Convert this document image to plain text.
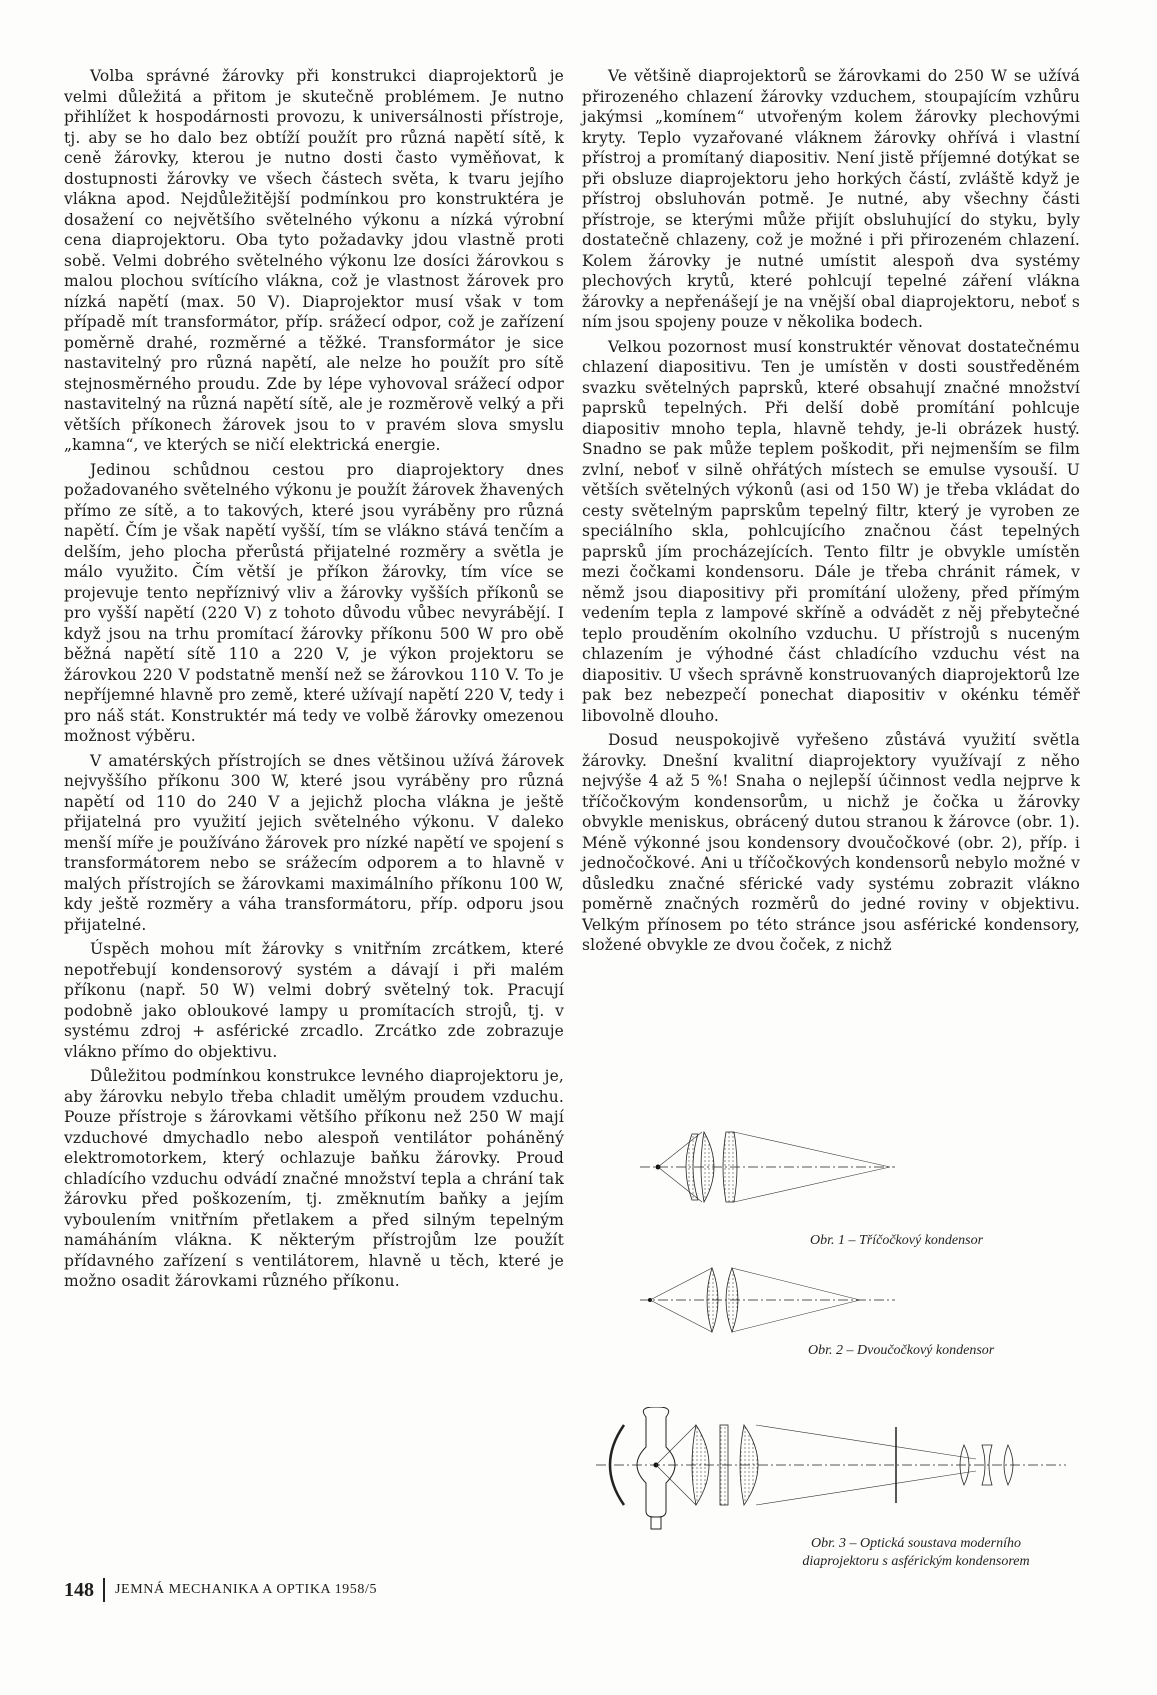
Volba správné žárovky při konstrukci diaprojektorů je velmi důležitá a přitom je skutečně problémem. Je nutno přihlížet k hospodárnosti provozu, k universálnosti přístroje, tj. aby se ho dalo bez obtíží použít pro různá napětí sítě, k ceně žárovky, kterou je nutno dosti často vyměňovat, k dostupnosti žárovky ve všech částech světa, k tvaru jejího vlákna apod. Nejdůležitější podmínkou pro konstruktéra je dosažení co největšího světelného výkonu a nízká výrobní cena diaprojektoru. Oba tyto požadavky jdou vlastně proti sobě. Velmi dobrého světelného výkonu lze dosíci žárovkou s malou plochou svítícího vlákna, což je vlastnost žárovek pro nízká napětí (max. 50 V). Diaprojektor musí však v tom případě mít transformátor, příp. srážecí odpor, což je zařízení poměrně drahé, rozměrné a těžké. Transformátor je sice nastavitelný pro různá napětí, ale nelze ho použít pro sítě stejnosměrného proudu. Zde by lépe vyhovoval srážecí odpor nastavitelný na různá napětí sítě, ale je rozměrově velký a při větších příkonech žárovek jsou to v pravém slova smyslu „kamna“, ve kterých se ničí elektrická energie.

Jedinou schůdnou cestou pro diaprojektory dnes požadovaného světelného výkonu je použít žárovek žhavených přímo ze sítě, a to takových, které jsou vyráběny pro různá napětí. Čím je však napětí vyšší, tím se vlákno stává tenčím a delším, jeho plocha přerůstá přijatelné rozměry a světla je málo využito. Čím větší je příkon žárovky, tím více se projevuje tento nepříznivý vliv a žárovky vyšších příkonů se pro vyšší napětí (220 V) z tohoto důvodu vůbec nevyrábějí. I když jsou na trhu promítací žárovky příkonu 500 W pro obě běžná napětí sítě 110 a 220 V, je výkon projektoru se žárovkou 220 V podstatně menší než se žárovkou 110 V. To je nepříjemné hlavně pro země, které užívají napětí 220 V, tedy i pro náš stát. Konstruktér má tedy ve volbě žárovky omezenou možnost výběru.

V amatérských přístrojích se dnes většinou užívá žárovek nejvyššího příkonu 300 W, které jsou vyráběny pro různá napětí od 110 do 240 V a jejichž plocha vlákna je ještě přijatelná pro využití jejich světelného výkonu. V daleko menší míře je používáno žárovek pro nízké napětí ve spojení s transformátorem nebo se srážecím odporem a to hlavně v malých přístrojích se žárovkami maximálního příkonu 100 W, kdy ještě rozměry a váha transformátoru, příp. odporu jsou přijatelné.

Úspěch mohou mít žárovky s vnitřním zrcátkem, které nepotřebují kondensorový systém a dávají i při malém příkonu (např. 50 W) velmi dobrý světelný tok. Pracují podobně jako obloukové lampy u promítacích strojů, tj. v systému zdroj + asférické zrcadlo. Zrcátko zde zobrazuje vlákno přímo do objektivu.

Důležitou podmínkou konstrukce levného diaprojektoru je, aby žárovku nebylo třeba chladit umělým proudem vzduchu. Pouze přístroje s žárovkami většího příkonu než 250 W mají vzduchové dmychadlo nebo alespoň ventilátor poháněný elektromotorkem, který ochlazuje baňku žárovky. Proud chladícího vzduchu odvádí značné množství tepla a chrání tak žárovku před poškozením, tj. změknutím baňky a jejím vyboulením vnitřním přetlakem a před silným tepelným namáháním vlákna. K některým přístrojům lze použít přídavného zařízení s ventilátorem, hlavně u těch, které je možno osadit žárovkami různého příkonu.

Ve většině diaprojektorů se žárovkami do 250 W se užívá přirozeného chlazení žárovky vzduchem, stoupajícím vzhůru jakýmsi „komínem“ utvořeným kolem žárovky plechovými kryty. Teplo vyzařované vláknem žárovky ohřívá i vlastní přístroj a promítaný diapositiv. Není jistě příjemné dotýkat se při obsluze diaprojektoru jeho horkých částí, zvláště když je přístroj obsluhován potmě. Je nutné, aby všechny části přístroje, se kterými může přijít obsluhující do styku, byly dostatečně chlazeny, což je možné i při přirozeném chlazení. Kolem žárovky je nutné umístit alespoň dva systémy plechových krytů, které pohlcují tepelné záření vlákna žárovky a nepřenášejí je na vnější obal diaprojektoru, neboť s ním jsou spojeny pouze v několika bodech.

Velkou pozornost musí konstruktér věnovat dostatečnému chlazení diapositivu. Ten je umístěn v dosti soustředěném svazku světelných paprsků, které obsahují značné množství paprsků tepelných. Při delší době promítání pohlcuje diapositiv mnoho tepla, hlavně tehdy, je-li obrázek hustý. Snadno se pak může teplem poškodit, při nejmenším se film zvlní, neboť v silně ohřátých místech se emulse vysouší. U větších světelných výkonů (asi od 150 W) je třeba vkládat do cesty světelným paprskům tepelný filtr, který je vyroben ze speciálního skla, pohlcujícího značnou část tepelných paprsků jím procházejících. Tento filtr je obvykle umístěn mezi čočkami kondensoru. Dále je třeba chránit rámek, v němž jsou diapositivy při promítání uloženy, před přímým vedením tepla z lampové skříně a odvádět z něj přebytečné teplo prouděním okolního vzduchu. U přístrojů s nuceným chlazením je výhodné část chladícího vzduchu vést na diapositiv. U všech správně konstruovaných diaprojektorů lze pak bez nebezpečí ponechat diapositiv v okénku téměř libovolně dlouho.

Dosud neuspokojivě vyřešeno zůstává využití světla žárovky. Dnešní kvalitní diaprojektory využívají z něho nejvýše 4 až 5 %! Snaha o nejlepší účinnost vedla nejprve k tříčočkovým kondensorům, u nichž je čočka u žárovky obvykle meniskus, obrácený dutou stranou k žárovce (obr. 1). Méně výkonné jsou kondensory dvoučočkové (obr. 2), příp. i jednočočkové. Ani u tříčočkových kondensorů nebylo možné v důsledku značné sférické vady systému zobrazit vlákno poměrně značných rozměrů do jedné roviny v objektivu. Velkým přínosem po této stránce jsou asférické kondensory, složené obvykle ze dvou čoček, z nichž

Obr. 1 – Tříčočkový kondensor
Obr. 2 – Dvoučočkový kondensor
Obr. 3 – Optická soustava moderního
diaprojektoru s asférickým kondensorem
148 JEMNÁ MECHANIKA A OPTIKA 1958/5
